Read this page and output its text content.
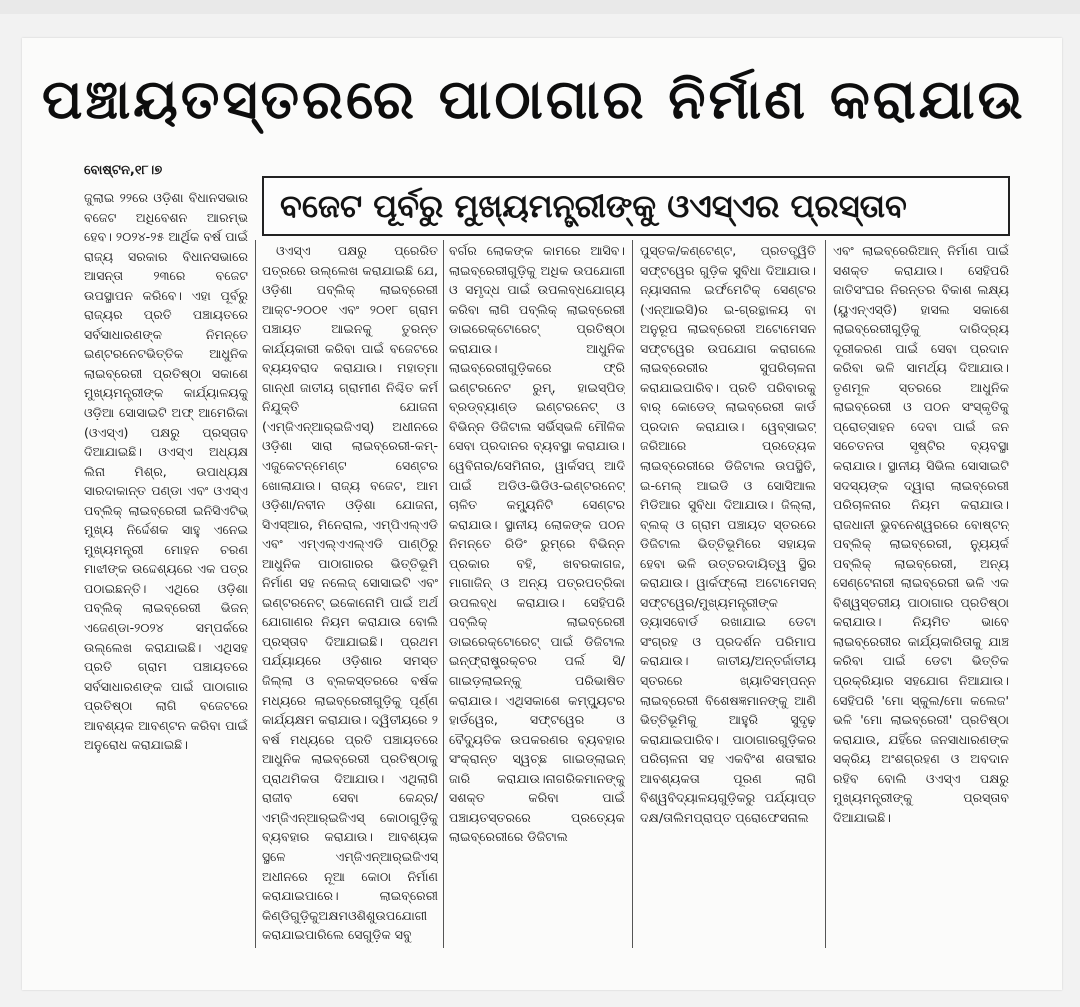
ପଞ୍ଚାୟତସ୍ତରରେ ପାଠାଗାର ନିର୍ମାଣ କରାଯାଉ
ବୋଷ୍ଟନ,୧୮।୭
ବଜେଟ ପୂର୍ବରୁ ମୁଖ୍ୟମନ୍ତ୍ରୀଙ୍କୁ ଓଏସ୍ଏର ପ୍ରସ୍ତାବ

ଜୁଲାଇ ୨୨ରେ ଓଡ଼ିଶା ବିଧାନସଭାର ବଜେଟ ଅଧିବେଶନ ଆରମ୍ଭ ହେବ। ୨୦୨୪-୨୫ ଆର୍ଥିକ ବର୍ଷ ପାଇଁ ରାଜ୍ୟ ସରକାର ବିଧାନସଭାରେ ଆସନ୍ତା ୨୩ରେ ବଜେଟ ଉପସ୍ଥାପନ କରିବେ। ଏହା ପୂର୍ବରୁ ରାଜ୍ୟର ପ୍ରତି ପଞ୍ଚାୟତରେ ସର୍ବସାଧାରଣଙ୍କ ନିମନ୍ତେ ଇଣ୍ଟରନେଟଭିତ୍ତିକ ଆଧୁନିକ ଲାଇବ୍ରେରୀ ପ୍ରତିଷ୍ଠା ସକାଶେ ମୁଖ୍ୟମନ୍ତ୍ରୀଙ୍କ କାର୍ଯ୍ୟାଳୟକୁ ଓଡ଼ିଆ ସୋସାଇଟି ଅଫ୍ ଆମେରିକା (ଓଏସ୍ଏ) ପକ୍ଷରୁ ପ୍ରସ୍ତାବ ଦିଆଯାଇଛି। ଓଏସ୍ଏ ଅଧ୍ୟକ୍ଷ ଲିନା ମିଶ୍ର, ଉପାଧ୍ୟକ୍ଷ ସାରଦାକାନ୍ତ ପଣ୍ଡା ଏବଂ ଓଏସ୍ଏ ପବ୍ଲିକ୍ ଲାଇବ୍ରେରୀ ଇନିସିଏଟିଭ୍ ମୁଖ୍ୟ ନିର୍ଦ୍ଦେଶକ ସାହୁ ଏନେଇ ମୁଖ୍ୟମନ୍ତ୍ରୀ ମୋହନ ଚରଣ ମାଝୀଙ୍କ ଉଦ୍ଦେଶ୍ୟରେ ଏକ ପତ୍ର ପଠାଇଛନ୍ତି। ଏଥିରେ ଓଡ଼ିଶା ପବ୍ଲିକ୍ ଲାଇବ୍ରେରୀ ଭିଜନ୍ ଏଜେଣ୍ଡା-୨୦୨୪ ସମ୍ପର୍କରେ ଉଲ୍ଲେଖ କରାଯାଇଛି। ଏଥିସହ ପ୍ରତି ଗ୍ରାମ ପଞ୍ଚାୟତରେ ସର୍ବସାଧାରଣଙ୍କ ପାଇଁ ପାଠାଗାର ପ୍ରତିଷ୍ଠା ଲାଗି ବଜେଟରେ ଆବଶ୍ୟକ ଆବଣ୍ଟନ କରିବା ପାଇଁ ଅନୁରୋଧ କରାଯାଇଛି।

ଓଏସ୍ଏ ପକ୍ଷରୁ ପ୍ରେରିତ ପତ୍ରରେ ଉଲ୍ଲେଖ କରାଯାଇଛି ଯେ, ଓଡ଼ିଶା ପବ୍ଲିକ୍ ଲାଇବ୍ରେରୀ ଆକ୍ଟ-୨୦୦୧ ଏବଂ ୨୦୧୮ ଗ୍ରାମ ପଞ୍ଚାୟତ ଆଇନକୁ ତୁରନ୍ତ କାର୍ଯ୍ୟକାରୀ କରିବା ପାଇଁ ବଜେଟରେ ବ୍ୟୟବରାଦ କରାଯାଉ। ମହାତ୍ମା ଗାନ୍ଧୀ ଜାତୀୟ ଗ୍ରାମୀଣ ନିଶ୍ଚିତ କର୍ମ ନିଯୁକ୍ତି ଯୋଜନା (ଏମ୍‌ଜିଏନ୍‌ଆର୍‌ଇଜିଏସ୍) ଅଧୀନରେ ଓଡ଼ିଶା ସାରା ଲାଇବ୍ରେରୀ-କମ୍-ଏଜୁକେଟନ୍‌ମେଣ୍ଟ ସେଣ୍ଟର ଖୋଲାଯାଉ। ରାଜ୍ୟ ବଜେଟ, ଆମ ଓଡ଼ିଶା/ନବୀନ ଓଡ଼ିଶା ଯୋଜନା, ସିଏସ୍ଆର, ମିନେରାଲ, ଏମ୍‌ପିଏଲ୍‌ଏଡି ଏବଂ ଏମ୍‌ଏଲ୍‌ଏଏଲ୍‌ଏଡି ପାଣ୍ଠିରୁ ଆଧୁନିକ ପାଠାଗାରର ଭିତ୍ତିଭୂମି ନିର୍ମାଣ ସହ ନଲେଜ୍ ସୋସାଇଟି ଏବଂ ଇଣ୍ଟରନେଟ୍ ଇକୋନୋମି ପାଇଁ ଅର୍ଥ ଯୋଗାଣର ନିୟମ କରାଯାଉ ବୋଲି ପ୍ରସ୍ତାବ ଦିଆଯାଇଛି। ପ୍ରଥମ ପର୍ଯ୍ୟାୟରେ ଓଡ଼ିଶାର ସମସ୍ତ ଜିଲ୍ଲା ଓ ବ୍ଲକସ୍ତରରେ ବର୍ଷକ ମଧ୍ୟରେ ଲାଇବ୍ରେରୀଗୁଡ଼ିକୁ ପୂର୍ଣ୍ଣ କାର୍ଯ୍ୟକ୍ଷମ କରାଯାଉ। ଦ୍ୱିତୀୟରେ ୨ ବର୍ଷ ମଧ୍ୟରେ ପ୍ରତି ପଞ୍ଚାୟତରେ ଆଧୁନିକ ଲାଇବ୍ରେରୀ ପ୍ରତିଷ୍ଠାକୁ ପ୍ରାଥମିକତା ଦିଆଯାଉ। ଏଥିଲାଗି ରାଜୀବ ସେବା କେନ୍ଦ୍ର/ଏମ୍‌ଜିଏନ୍‌ଆର୍‌ଇଜିଏସ୍ କୋଠାଗୁଡ଼ିକୁ ବ୍ୟବହାର କରାଯାଉ। ଆବଶ୍ୟକ ସ୍ଥଳେ ଏମ୍‌ଜିଏନ୍‌ଆର୍‌ଇଜିଏସ୍ ଅଧୀନରେ ନୂଆ କୋଠା ନିର୍ମାଣ କରାଯାଇପାରେ। ଲାଇବ୍ରେରୀ କିଣ୍ଡିଗୁଡ଼ିକୁଅକ୍ଷମଓଶିଶୁଉପଯୋଗୀ କରାଯାଇପାରିଲେ ସେଗୁଡ଼ିକ ସବୁ

ବର୍ଗର ଲୋକଙ୍କ କାମରେ ଆସିବ। ଲାଇବ୍ରେରୀଗୁଡ଼ିକୁ ଅଧିକ ଉପଯୋଗୀ ଓ ସମୃଦ୍ଧ ପାଇଁ ଉପଲବ୍ଧଯୋଗ୍ୟ କରିବା ଲାଗି ପବ୍ଲିକ୍ ଲାଇବ୍ରେରୀ ଡାଇରେକ୍ଟୋରେଟ୍ ପ୍ରତିଷ୍ଠା କରାଯାଉ। ଆଧୁନିକ ଲାଇବ୍ରେରୀଗୁଡ଼ିକରେ ଫ୍ରି ଇଣ୍ଟରନେଟ ରୁମ୍, ହାଇସ୍ପିଡ୍ ବ୍ରଡ୍‌ବ୍ୟାଣ୍ଡ ଇଣ୍ଟରନେଟ୍ ଓ ବିଭିନ୍ନ ଡିଜିଟାଲ ସର୍ଭିସ୍‌ଭଳି ମୌଳିକ ସେବା ପ୍ରଦାନର ବ୍ୟବସ୍ଥା କରାଯାଉ। ୱେବିନାର/ସେମିନାର, ୱାର୍କସପ୍ ଆଦି ପାଇଁ ଅଡିଓ-ଭିଡିଓ-ଇଣ୍ଟରନେଟ୍ ଚାଳିତ କମ୍ୟୁନିଟି ସେଣ୍ଟର କରାଯାଉ। ସ୍ଥାନୀୟ ଲୋକଙ୍କ ପଠନ ନିମନ୍ତେ ରିଡିଂ ରୁମ୍‌ରେ ବିଭିନ୍ନ ପ୍ରକାର ବହି, ଖବରକାଗଜ, ମାଗାଜିନ୍ ଓ ଅନ୍ୟ ପତ୍ରପତ୍ରିକା ଉପଲବ୍ଧ କରାଯାଉ। ସେହିପରି ପବ୍ଲିକ୍ ଲାଇବ୍ରେରୀ ଡାଇରେକ୍ଟୋରେଟ୍ ପାଇଁ ଡିଜିଟାଲ ଇନ୍‌ଫ୍ରାଷ୍ଟ୍ରକ୍ଚର ପର୍ଲ ସି/ଗାଇଡ଼ଲାଇନ୍‌କୁ ପରିଭାଷିତ କରାଯାଉ। ଏଥିସକାଶେ କମ୍ପ୍ୟୁଟର ହାର୍ଡୱେର, ସଫ୍ଟୱେର ଓ ବୈଦ୍ୟୁତିକ ଉପକରଣର ବ୍ୟବହାର ସଂକ୍ରାନ୍ତ ସ୍ୱଚ୍ଛ ଗାଇଡ୍‌ଲାଇନ୍ ଜାରି କରାଯାଉ।ନାଗରିକମାନଙ୍କୁ ସଶକ୍ତ କରିବା ପାଇଁ ପଞ୍ଚାୟତସ୍ତରରେ ପ୍ରତ୍ୟେକ ଲାଇବ୍ରେରୀରେ ଡିଜିଟାଲ

ପୁସ୍ତକ/କଣ୍ଟେଣ୍ଟ, ପ୍ରତତ୍ତ୍ୱିତି ସଫ୍ଟୱେର ଗୁଡ଼ିକ ସୁବିଧା ଦିଆଯାଉ। ନ୍ୟାସନାଲ ଇର୍ଫମେଟିକ୍ ସେଣ୍ଟର (ଏନ୍‌ଆଇସି)ର ଇ-ଗ୍ରନ୍ଥାଳୟ ବା ଅନୁରୂପ ଲାଇବ୍ରେରୀ ଅଟୋମେସନ ସଫ୍ଟୱେର ଉପଯୋଗ କରାଗଲେ ଲାଇବ୍ରେରୀର ସୁପରିଚାଳନା କରାଯାଇପାରିବ। ପ୍ରତି ପରିବାରକୁ ବାର୍ କୋଡେଡ୍ ଲାଇବ୍ରେରୀ କାର୍ଡ ପ୍ରଦାନ କରାଯାଉ। ୱେବ୍‌ସାଇଟ୍ ଜରିଆରେ ପ୍ରତ୍ୟେକ ଲାଇବ୍ରେରୀରେ ଡିଜିଟାଲ ଉପସ୍ଥିତି, ଇ-ମେଲ୍ ଆଇଡି ଓ ସୋସିଆଲ ମିଡିଆର ସୁବିଧା ଦିଆଯାଉ। ଜିଲ୍ଲା, ବ୍ଲକ୍ ଓ ଗ୍ରାମ ପଞ୍ଚାୟତ ସ୍ତରରେ ଡିଜିଟାଲ ଭିତ୍ତିଭୂମିରେ ସହାୟକ ହେବା ଭଳି ଉତ୍ତରଦାୟିତ୍ୱ ସ୍ଥିର କରାଯାଉ। ୱାର୍କଫ୍ଲୋ ଅଟୋମେସନ୍ ସଫ୍ଟୱେର/ମୁଖ୍ୟମନ୍ତ୍ରୀଙ୍କ ଡ୍ୟାସବୋର୍ଡ ରଖାଯାଇ ଡେଟା ସଂଗ୍ରହ ଓ ପ୍ରଦର୍ଶନ ପରିମାପ କରାଯାଉ। ଜାତୀୟ/ଅନ୍ତର୍ଜାତୀୟ ସ୍ତରରେ ଖ୍ୟାତିସମ୍ପନ୍ନ ଲାଇବ୍ରେରୀ ବିଶେଷଜ୍ଞମାନଙ୍କୁ ଆଣି ଭିତ୍ତିଭୂମିକୁ ଆହୁରି ସୁଦୃଢ଼ କରାଯାଇପାରିବ। ପାଠାଗାରଗୁଡ଼ିକର ପରିଚାଳନା ସହ ଏକବିଂଶ ଶତାବ୍ଦୀର ଆବଶ୍ୟକତା ପୂରଣ ଲାଗି ବିଶ୍ୱବିଦ୍ୟାଳୟଗୁଡ଼ିକରୁ ପର୍ଯ୍ୟାପ୍ତ ଦକ୍ଷ/ତାଲିମପ୍ରାପ୍ତ ପ୍ରୋଫେସନାଲ

ଏବଂ ଲାଇବ୍ରେରିଆନ୍ ନିର୍ମାଣ ପାଇଁ ସଶକ୍ତ କରାଯାଉ। ସେହିପରି ଜାତିସଂଘର ନିରନ୍ତର ବିକାଶ ଲକ୍ଷ୍ୟ (ୟୁଏନ୍‌ଏସ୍‌ଡି) ହାସଲ ସକାଶେ ଲାଇବ୍ରେରୀଗୁଡ଼ିକୁ ଦାରିଦ୍ର୍ୟ ଦୂରୀକରଣ ପାଇଁ ସେବା ପ୍ରଦାନ କରିବା ଭଳି ସାମର୍ଥ୍ୟ ଦିଆଯାଉ। ତୃଣମୂଳ ସ୍ତରରେ ଆଧୁନିକ ଲାଇବ୍ରେରୀ ଓ ପଠନ ସଂସ୍କୃତିକୁ ପ୍ରୋତ୍ସାହନ ଦେବା ପାଇଁ ଜନ ସଚେତନତା ସୃଷ୍ଟିର ବ୍ୟବସ୍ଥା କରାଯାଉ। ସ୍ଥାନୀୟ ସିଭିଲ ସୋସାଇଟି ସଦସ୍ୟଙ୍କ ଦ୍ୱାରା ଲାଇବ୍ରେରୀ ପରିଚାଳନାର ନିୟମ କରାଯାଉ। ରାଜଧାନୀ ଭୁବନେଶ୍ୱରରେ ବୋଷ୍ଟନ୍ ପବ୍ଲିକ୍ ଲାଇବ୍ରେରୀ, ନ୍ୟୁୟର୍କ ପବ୍ଲିକ୍ ଲାଇବ୍ରେରୀ, ଅନ୍ୟ ସେଣ୍ଟେନାରୀ ଲାଇବ୍ରେରୀ ଭଳି ଏକ ବିଶ୍ୱସ୍ତରୀୟ ପାଠାଗାର ପ୍ରତିଷ୍ଠା କରାଯାଉ। ନିୟମିତ ଭାବେ ଲାଇବ୍ରେରୀର କାର୍ଯ୍ୟକାରିତାକୁ ଯାଞ୍ଚ କରିବା ପାଇଁ ଡେଟା ଭିତ୍ତିକ ପ୍ରକ୍ରିୟାର ସହଯୋଗ ନିଆଯାଉ। ସେହିପରି 'ମୋ ସ୍କୁଲ/ମୋ କଲେଜ' ଭଳି 'ମୋ ଲାଇବ୍ରେରୀ' ପ୍ରତିଷ୍ଠା କରାଯାଉ, ଯହିଁରେ ଜନସାଧାରଣଙ୍କ ସକ୍ରିୟ ଅଂଶଗ୍ରହଣ ଓ ଅବଦାନ ରହିବ ବୋଲି ଓଏସ୍ଏ ପକ୍ଷରୁ ମୁଖ୍ୟମନ୍ତ୍ରୀଙ୍କୁ ପ୍ରସ୍ତାବ ଦିଆଯାଇଛି।
